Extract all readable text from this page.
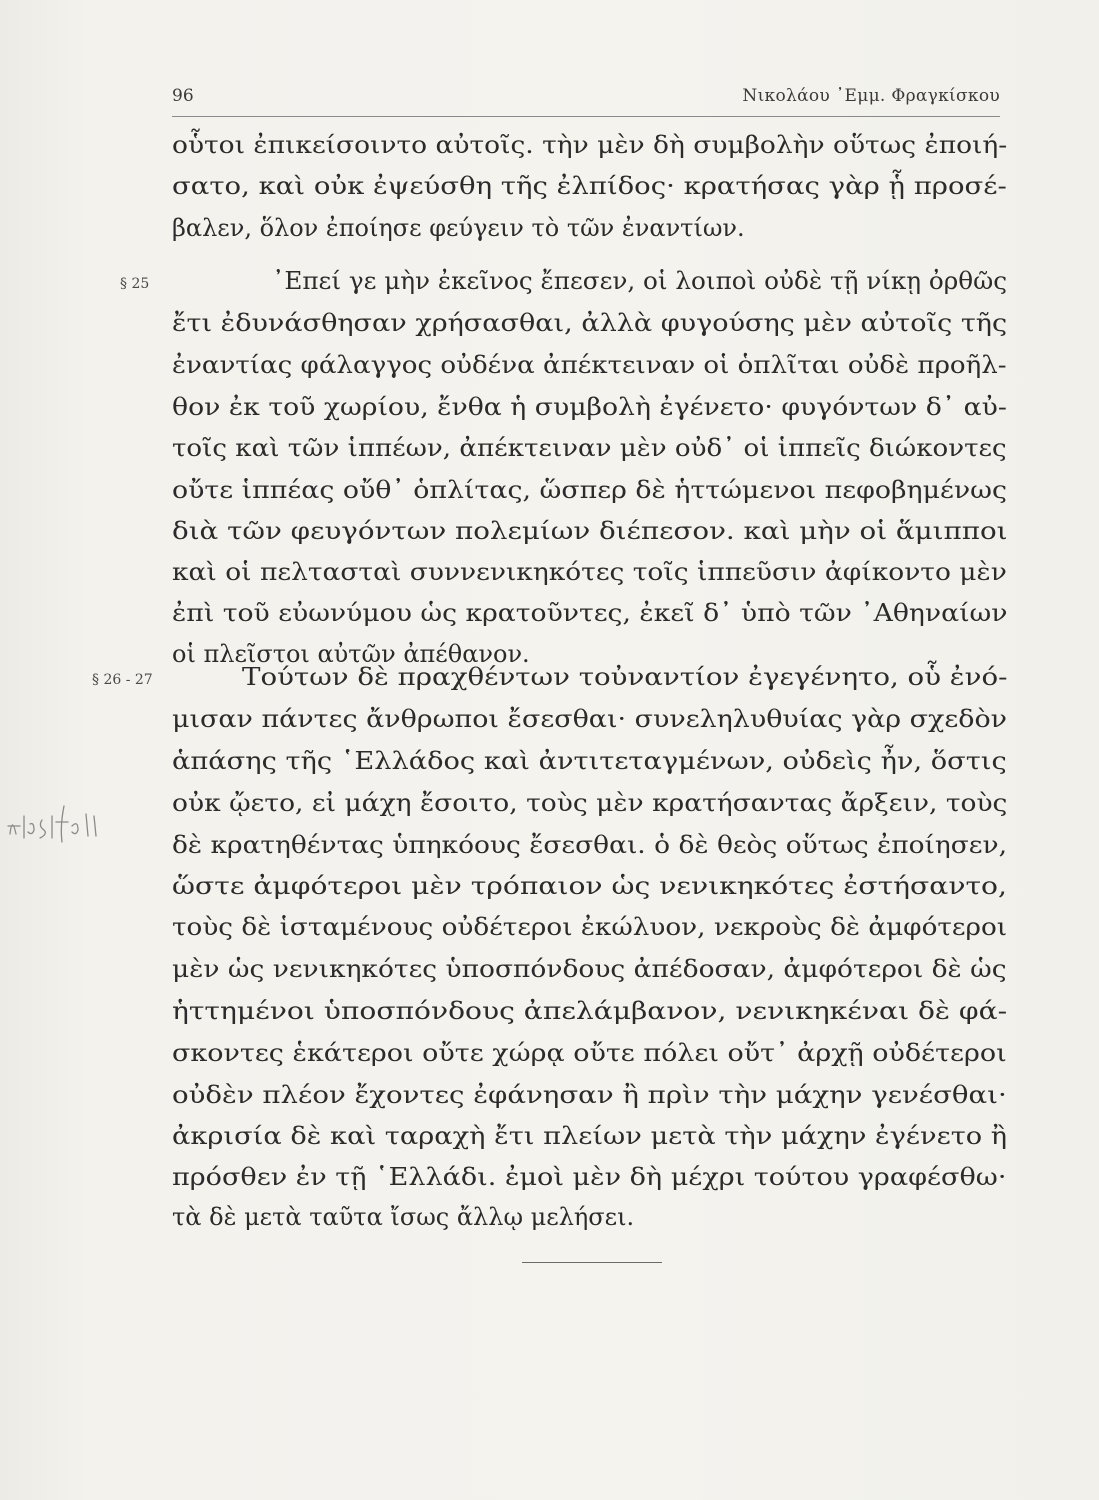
96	Νικολάου ᾿Εμμ. Φραγκίσκου
§ 25
§ 26 - 27
οὗτοι ἐπικείσοιντο αὐτοῖς. τὴν μὲν δὴ συμβολὴν οὕτως ἐποιή-
σατο, καὶ οὐκ ἐψεύσθη τῆς ἐλπίδος· κρατήσας γὰρ ᾗ προσέ-
βαλεν, ὅλον ἐποίησε φεύγειν τὸ τῶν ἐναντίων.
᾿Επεί γε μὴν ἐκεῖνος ἔπεσεν, οἱ λοιποὶ οὐδὲ τῇ νίκῃ ὀρθῶς
ἔτι ἐδυνάσθησαν χρήσασθαι, ἀλλὰ φυγούσης μὲν αὐτοῖς τῆς
ἐναντίας φάλαγγος οὐδένα ἀπέκτειναν οἱ ὁπλῖται οὐδὲ προῆλ-
θον ἐκ τοῦ χωρίου, ἔνθα ἡ συμβολὴ ἐγένετο· φυγόντων δ᾿ αὐ-
τοῖς καὶ τῶν ἱππέων, ἀπέκτειναν μὲν οὐδ᾿ οἱ ἱππεῖς διώκοντες
οὔτε ἱππέας οὔθ᾿ ὁπλίτας, ὥσπερ δὲ ἡττώμενοι πεφοβημένως
διὰ τῶν φευγόντων πολεμίων διέπεσον. καὶ μὴν οἱ ἅμιπποι
καὶ οἱ πελτασταὶ συννενικηκότες τοῖς ἱππεῦσιν ἀφίκοντο μὲν
ἐπὶ τοῦ εὐωνύμου ὡς κρατοῦντες, ἐκεῖ δ᾿ ὑπὸ τῶν ᾿Αθηναίων
οἱ πλεῖστοι αὐτῶν ἀπέθανον.
Τούτων δὲ πραχθέντων τοὐναντίον ἐγεγένητο, οὗ ἐνό-
μισαν πάντες ἄνθρωποι ἔσεσθαι· συνεληλυθυίας γὰρ σχεδὸν
ἁπάσης τῆς ῾Ελλάδος καὶ ἀντιτεταγμένων, οὐδεὶς ἦν, ὅστις
οὐκ ᾤετο, εἰ μάχη ἔσοιτο, τοὺς μὲν κρατήσαντας ἄρξειν, τοὺς
δὲ κρατηθέντας ὑπηκόους ἔσεσθαι. ὁ δὲ θεὸς οὕτως ἐποίησεν,
ὥστε ἀμφότεροι μὲν τρόπαιον ὡς νενικηκότες ἐστήσαντο,
τοὺς δὲ ἱσταμένους οὐδέτεροι ἐκώλυον, νεκροὺς δὲ ἀμφότεροι
μὲν ὡς νενικηκότες ὑποσπόνδους ἀπέδοσαν, ἀμφότεροι δὲ ὡς
ἡττημένοι ὑποσπόνδους ἀπελάμβανον, νενικηκέναι δὲ φά-
σκοντες ἑκάτεροι οὔτε χώρᾳ οὔτε πόλει οὔτ᾿ ἀρχῇ οὐδέτεροι
οὐδὲν πλέον ἔχοντες ἐφάνησαν ἢ πρὶν τὴν μάχην γενέσθαι·
ἀκρισία δὲ καὶ ταραχὴ ἔτι πλείων μετὰ τὴν μάχην ἐγένετο ἢ
πρόσθεν ἐν τῇ ῾Ελλάδι. ἐμοὶ μὲν δὴ μέχρι τούτου γραφέσθω·
τὰ δὲ μετὰ ταῦτα ἴσως ἄλλῳ μελήσει.
